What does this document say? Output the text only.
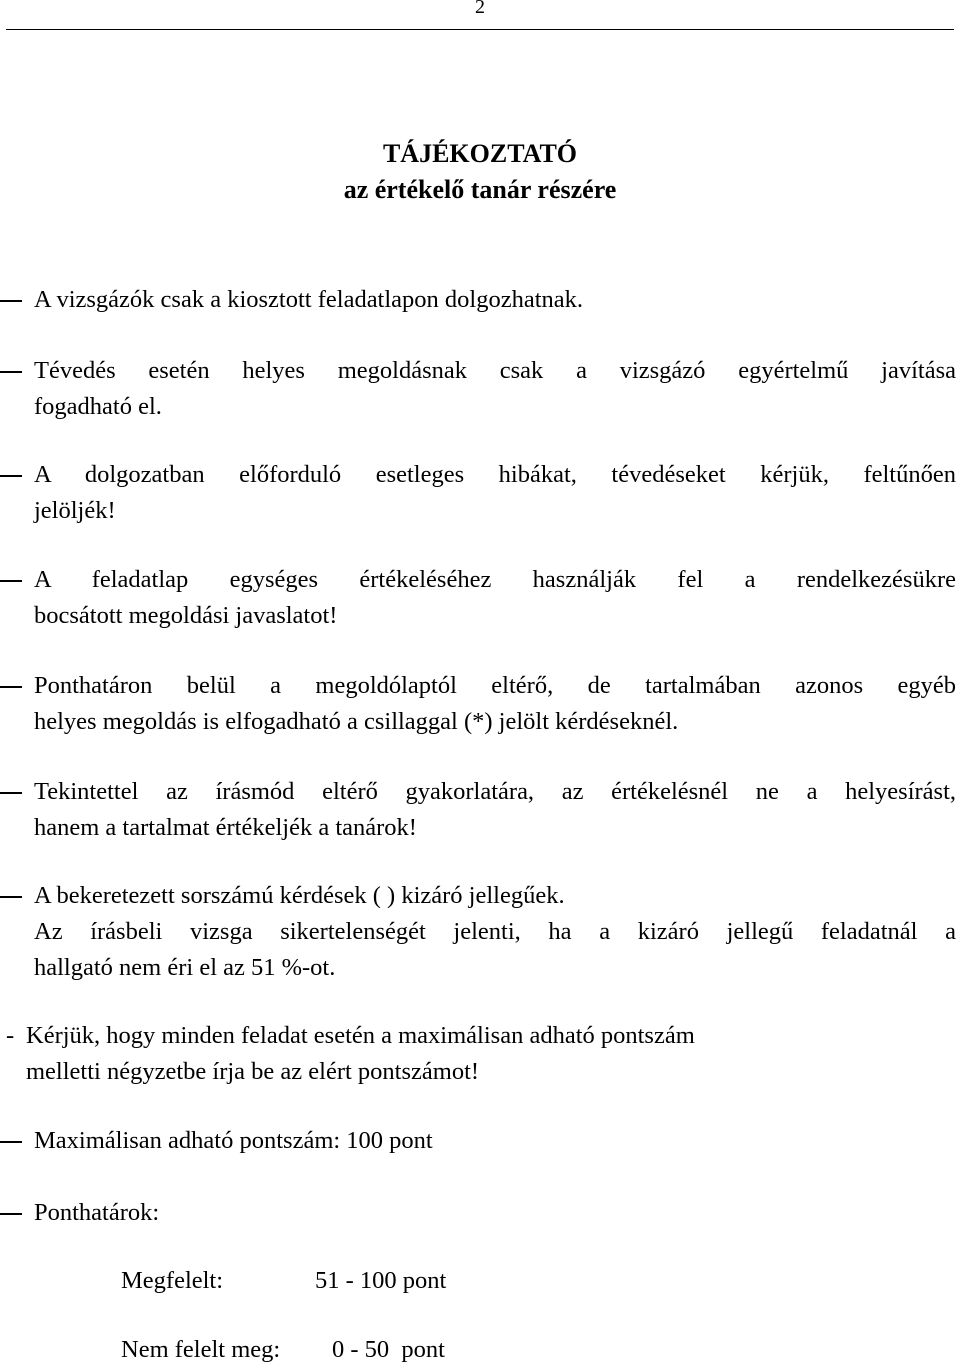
2
TÁJÉKOZTATÓ
az értékelő tanár részére
A vizsgázók csak a kiosztott feladatlapon dolgozhatnak.
Tévedés esetén helyes megoldásnak csak a vizsgázó egyértelmű javítása
fogadható el.
A dolgozatban előforduló esetleges hibákat, tévedéseket kérjük, feltűnően
jelöljék!
A feladatlap egységes értékeléséhez használják fel a rendelkezésükre
bocsátott megoldási javaslatot!
Ponthatáron belül a megoldólaptól eltérő, de tartalmában azonos egyéb
helyes megoldás is elfogadható a csillaggal (*) jelölt kérdéseknél.
Tekintettel az írásmód eltérő gyakorlatára, az értékelésnél ne a helyesírást,
hanem a tartalmat értékeljék a tanárok!
A bekeretezett sorszámú kérdések ( ) kizáró jellegűek.
Az írásbeli vizsga sikertelenségét jelenti, ha a kizáró jellegű feladatnál a
hallgató nem éri el az 51 %-ot.
- Kérjük, hogy minden feladat esetén a maximálisan adható pontszám
melletti négyzetbe írja be az elért pontszámot!
Maximálisan adható pontszám: 100 pont
Ponthatárok:
Megfelelt:	51 - 100 pont
Nem felelt meg: 0 - 50  pont
